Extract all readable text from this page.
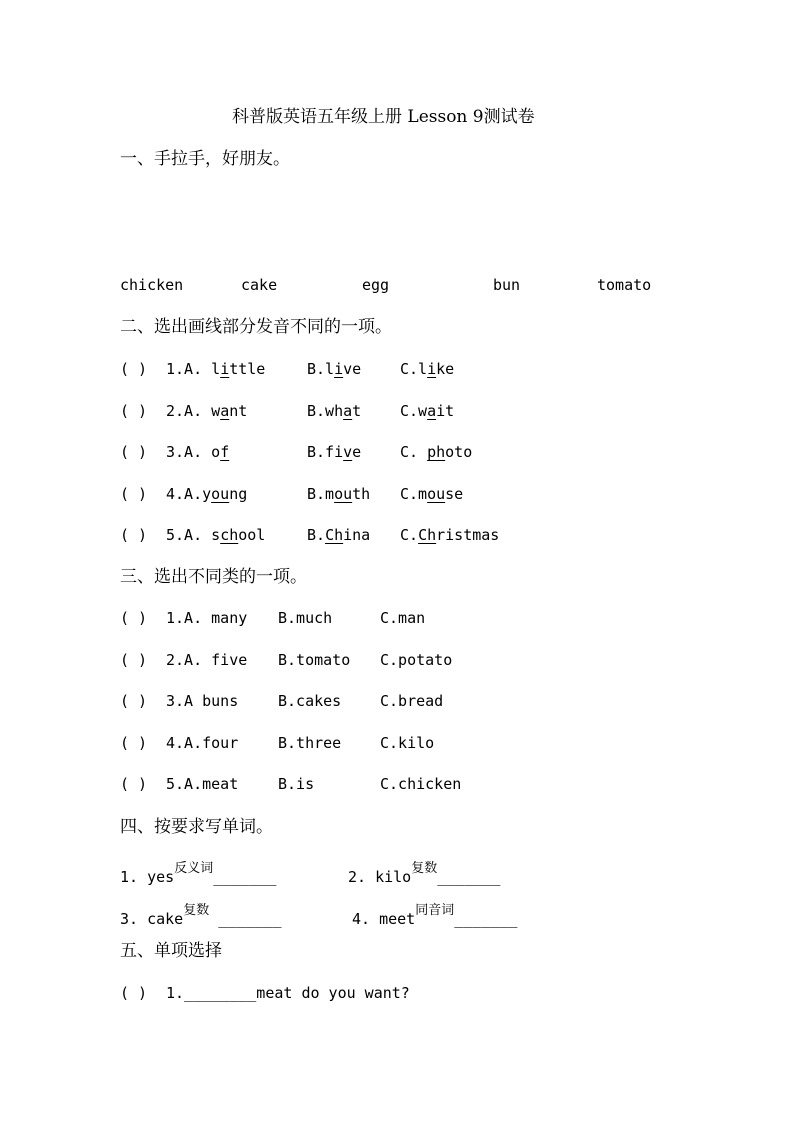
科普版英语五年级上册 Lesson 9测试卷
一、手拉手，好朋友。
chicken	cake	egg	bun	tomato
二、选出画线部分发音不同的一项。
( ) 1.A. little	B.live	C.like
( ) 2.A. want	B.what	C.wait
( ) 3.A. of	B.five	C. photo
( ) 4.A.young	B.mouth C.mouse
( ) 5.A. school	B.China C.Christmas
三、选出不同类的一项。
( ) 1.A. many B.much	C.man
( ) 2.A. five B.tomato C.potato
( ) 3.A buns	B.cakes	C.bread
( ) 4.A.four	B.three	C.kilo
( ) 5.A.meat	B.is	C.chicken
四、按要求写单词。
1. yes$^{反义词}$_______	2. kilo$^{复数}$_______
3. cake$^{复数}$ _______	4. meet$^{同音词}$_______
五、单项选择
( ) 1.________meat do you want?
